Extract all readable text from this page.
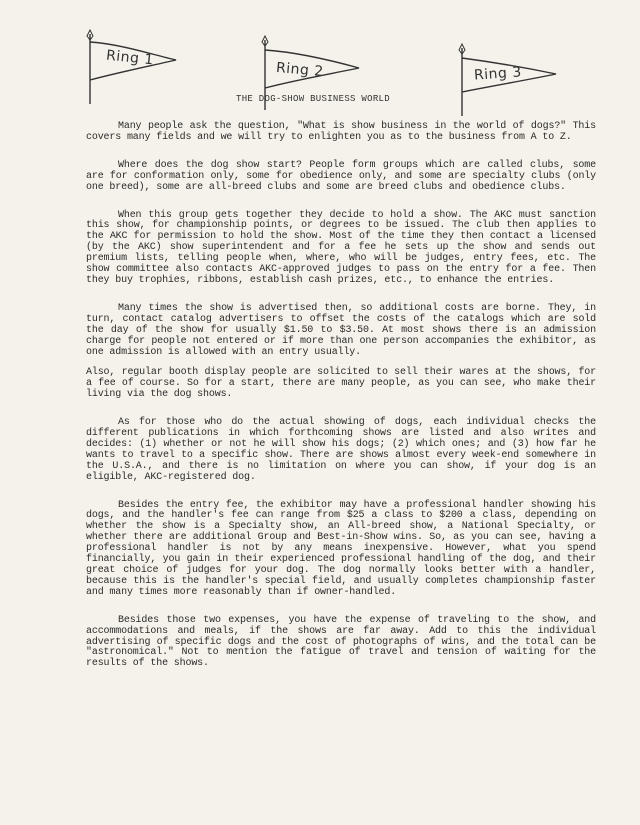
Ring 1
Ring 2	Ring 3
THE DOG-SHOW BUSINESS WORLD

Many people ask the question, "What is show business in the world of dogs?" This covers many fields and we will try to enlighten you as to the business from A to Z.

Where does the dog show start? People form groups which are called clubs, some are for conformation only, some for obedience only, and some are specialty clubs (only one breed), some are all-breed clubs and some are breed clubs and obedience clubs.

When this group gets together they decide to hold a show. The AKC must sanction this show, for championship points, or degrees to be issued. The club then applies to the AKC for permission to hold the show. Most of the time they then contact a licensed (by the AKC) show superintendent and for a fee he sets up the show and sends out premium lists, telling people when, where, who will be judges, entry fees, etc. The show committee also contacts AKC-approved judges to pass on the entry for a fee. Then they buy trophies, ribbons, establish cash prizes, etc., to enhance the entries.

Many times the show is advertised then, so additional costs are borne. They, in turn, contact catalog advertisers to offset the costs of the catalogs which are sold the day of the show for usually $1.50 to $3.50. At most shows there is an admission charge for people not entered or if more than one person accompanies the exhibitor, as one admission is allowed with an entry usually.

Also, regular booth display people are solicited to sell their wares at the shows, for a fee of course. So for a start, there are many people, as you can see, who make their living via the dog shows.

As for those who do the actual showing of dogs, each individual checks the different publications in which forthcoming shows are listed and also writes and decides: (1) whether or not he will show his dogs; (2) which ones; and (3) how far he wants to travel to a specific show. There are shows almost every week-end somewhere in the U.S.A., and there is no limitation on where you can show, if your dog is an eligible, AKC-registered dog.

Besides the entry fee, the exhibitor may have a professional handler showing his dogs, and the handler's fee can range from $25 a class to $200 a class, depending on whether the show is a Specialty show, an All-breed show, a National Specialty, or whether there are additional Group and Best-in-Show wins. So, as you can see, having a professional handler is not by any means inexpensive. However, what you spend financially, you gain in their experienced professional handling of the dog, and their great choice of judges for your dog. The dog normally looks better with a handler, because this is the handler's special field, and usually completes championship faster and many times more reasonably than if owner-handled.

Besides those two expenses, you have the expense of traveling to the show, and accommodations and meals, if the shows are far away. Add to this the individual advertising of specific dogs and the cost of photographs of wins, and the total can be "astronomical." Not to mention the fatigue of travel and tension of waiting for the results of the shows.
